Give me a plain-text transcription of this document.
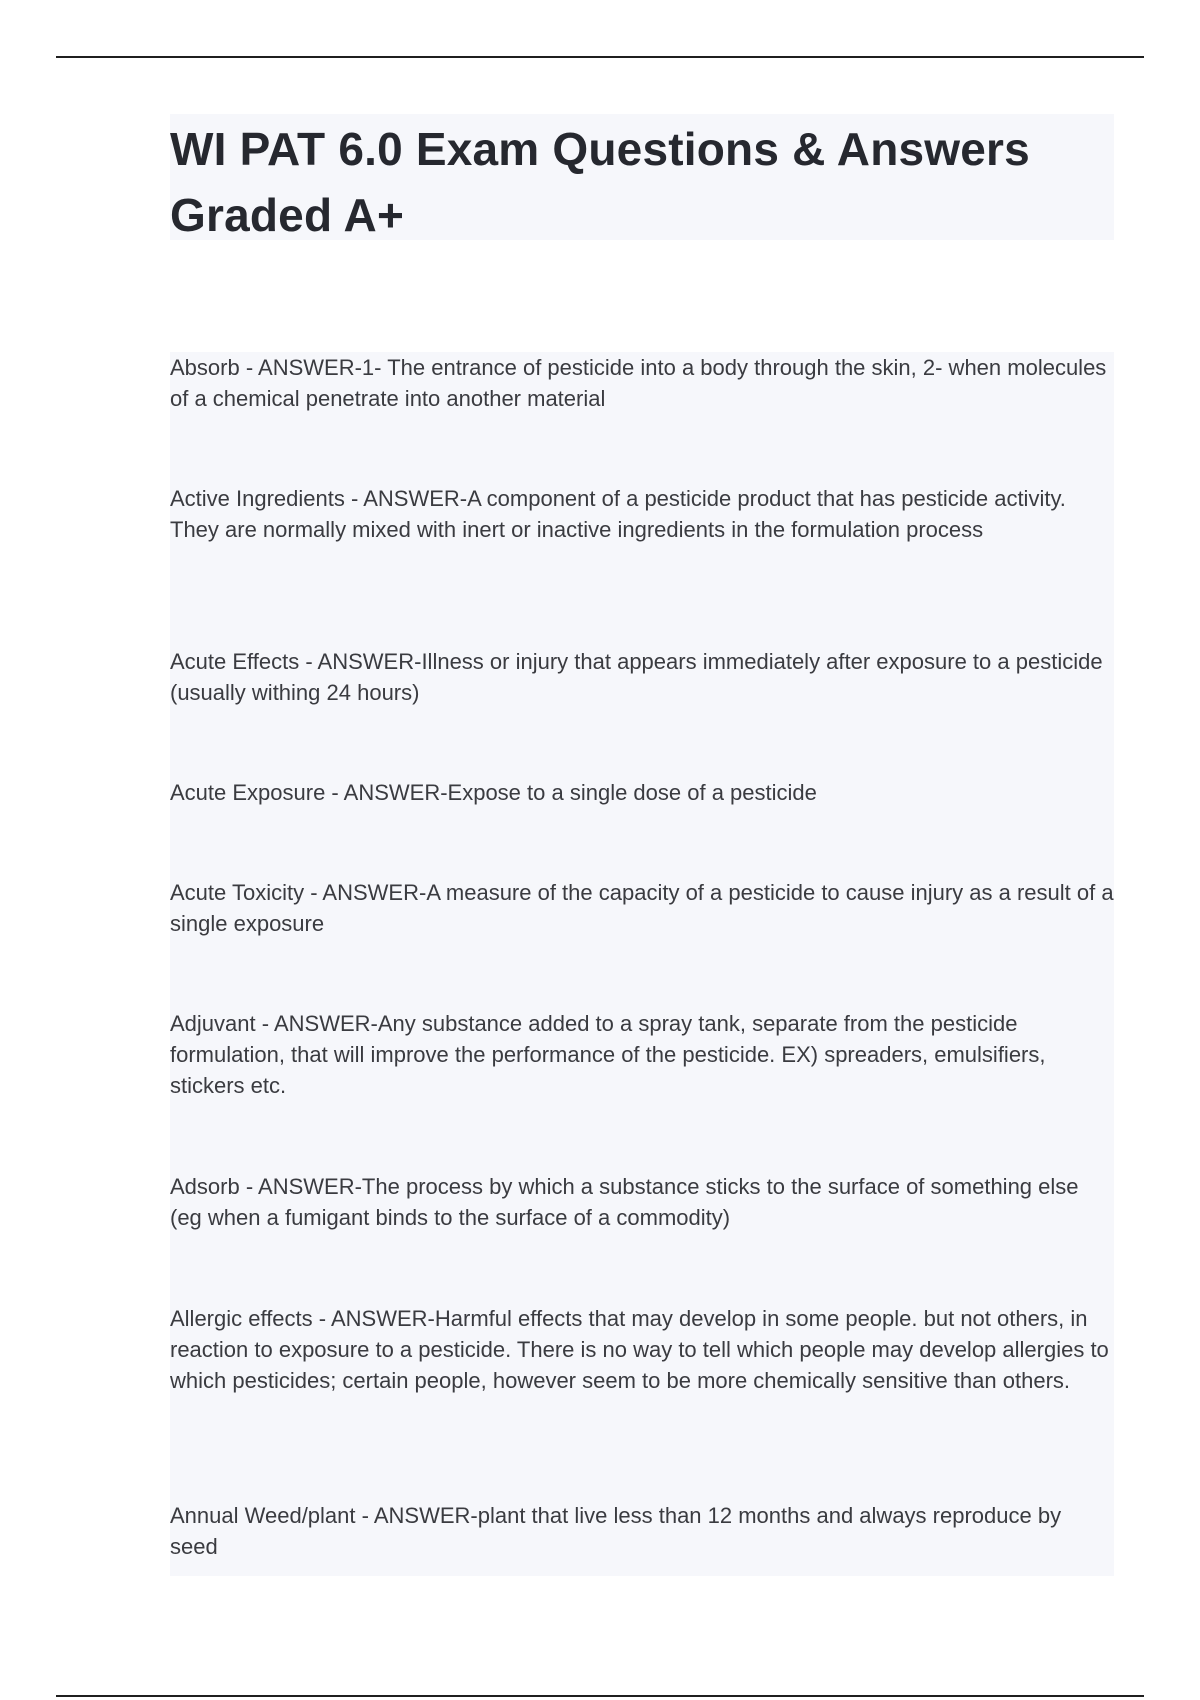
WI PAT 6.0 Exam Questions & Answers Graded A+

Absorb - ANSWER-1- The entrance of pesticide into a body through the skin, 2- when molecules of a chemical penetrate into another material

Active Ingredients - ANSWER-A component of a pesticide product that has pesticide activity. They are normally mixed with inert or inactive ingredients in the formulation process

Acute Effects - ANSWER-Illness or injury that appears immediately after exposure to a pesticide (usually withing 24 hours)

Acute Exposure - ANSWER-Expose to a single dose of a pesticide

Acute Toxicity - ANSWER-A measure of the capacity of a pesticide to cause injury as a result of a single exposure

Adjuvant - ANSWER-Any substance added to a spray tank, separate from the pesticide formulation, that will improve the performance of the pesticide. EX) spreaders, emulsifiers, stickers etc.

Adsorb - ANSWER-The process by which a substance sticks to the surface of something else (eg when a fumigant binds to the surface of a commodity)

Allergic effects - ANSWER-Harmful effects that may develop in some people. but not others, in reaction to exposure to a pesticide. There is no way to tell which people may develop allergies to which pesticides; certain people, however seem to be more chemically sensitive than others.

Annual Weed/plant - ANSWER-plant that live less than 12 months and always reproduce by seed
